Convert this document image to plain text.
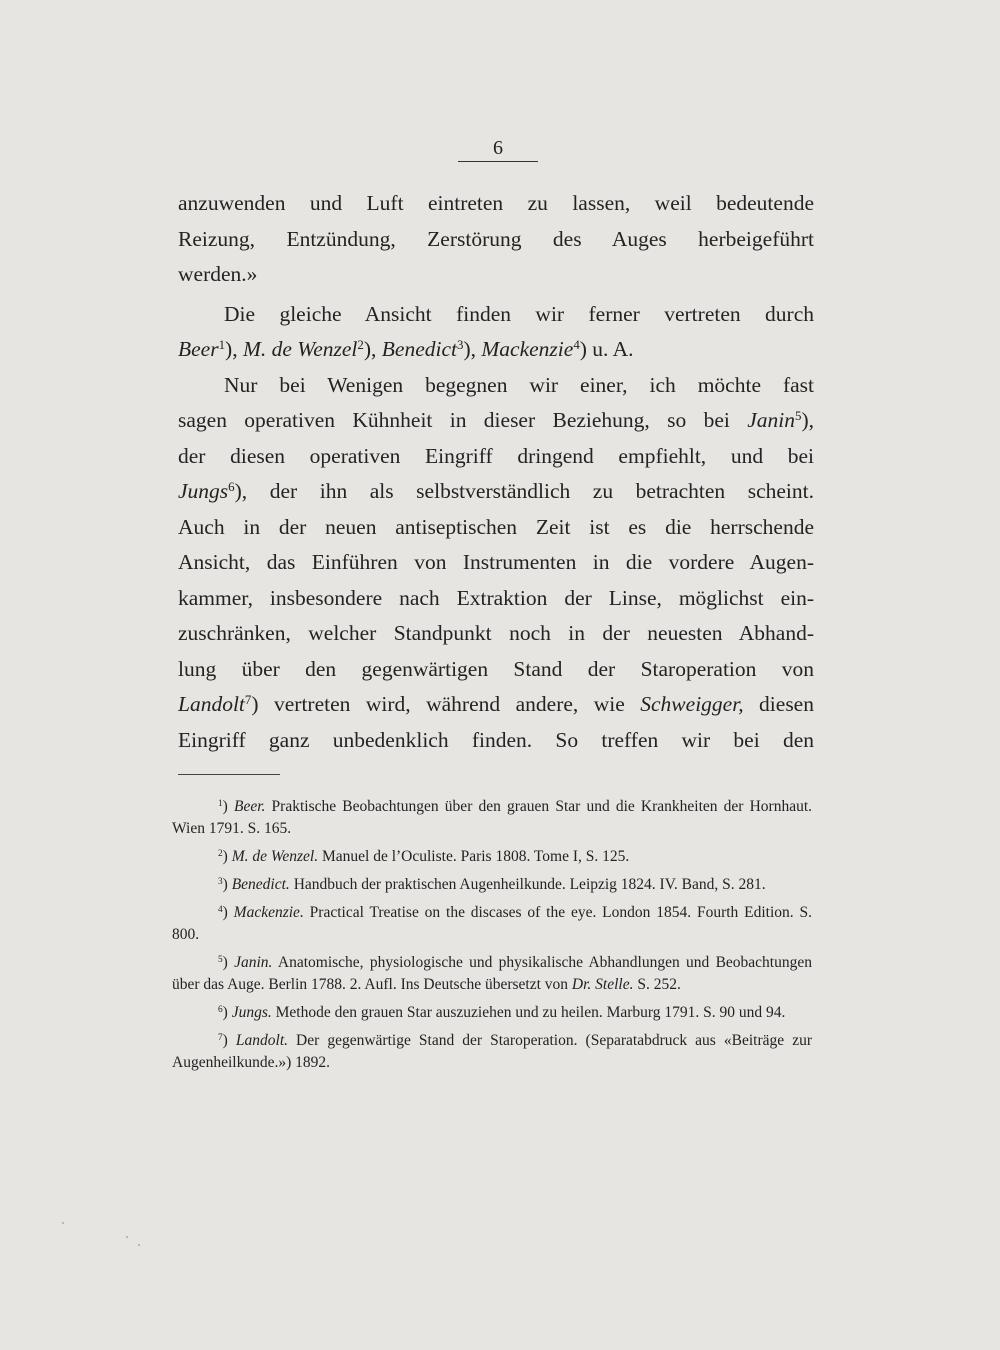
6
anzuwenden und Luft eintreten zu lassen, weil bedeutende
Reizung, Entzündung, Zerstörung des Auges herbeigeführt
werden.»
Die gleiche Ansicht finden wir ferner vertreten durch
Beer$^1$), M. de Wenzel$^2$), Benedict$^3$), Mackenzie$^4$) u. A.
Nur bei Wenigen begegnen wir einer, ich möchte fast
sagen operativen Kühnheit in dieser Beziehung, so bei Janin$^5$),
der diesen operativen Eingriff dringend empfiehlt, und bei
Jungs$^6$), der ihn als selbstverständlich zu betrachten scheint.
Auch in der neuen antiseptischen Zeit ist es die herrschende
Ansicht, das Einführen von Instrumenten in die vordere Augen-
kammer, insbesondere nach Extraktion der Linse, möglichst ein-
zuschränken, welcher Standpunkt noch in der neuesten Abhand-
lung über den gegenwärtigen Stand der Staroperation von
Landolt$^7$) vertreten wird, während andere, wie Schweigger, diesen
Eingriff ganz unbedenklich finden. So treffen wir bei den
$^1$) Beer. Praktische Beobachtungen über den grauen Star und die Krankheiten der Hornhaut. Wien 1791. S. 165.
$^2$) M. de Wenzel. Manuel de l’Oculiste. Paris 1808. Tome I, S. 125.
$^3$) Benedict. Handbuch der praktischen Augenheilkunde. Leipzig 1824. IV. Band, S. 281.
$^4$) Mackenzie. Practical Treatise on the discases of the eye. London 1854. Fourth Edition. S. 800.
$^5$) Janin. Anatomische, physiologische und physikalische Abhandlungen und Beobachtungen über das Auge. Berlin 1788. 2. Aufl. Ins Deutsche übersetzt von Dr. Stelle. S. 252.
$^6$) Jungs. Methode den grauen Star auszuziehen und zu heilen. Marburg 1791. S. 90 und 94.
$^7$) Landolt. Der gegenwärtige Stand der Staroperation. (Separatabdruck aus «Beiträge zur Augenheilkunde.») 1892.
